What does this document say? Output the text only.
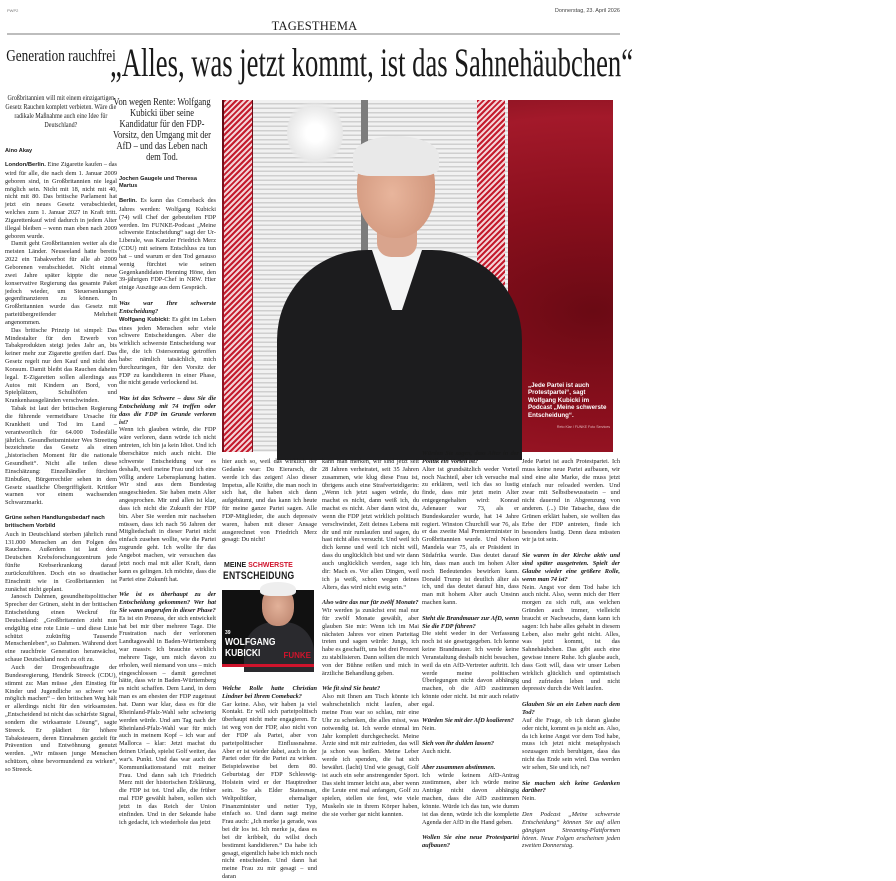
PWP2	Donnerstag, 23. April 2026
TAGESTHEMA
Generation rauchfrei
Großbritannien will mit einem einzigartigen Gesetz Rauchen komplett verbieten. Wäre die radikale Maßnahme auch eine Idee für Deutschland?
Aino Akay
„Alles, was jetzt kommt, ist das Sahnehäubchen“
Von wegen Rente: Wolfgang Kubicki über seine Kandidatur für den FDP-Vorsitz, den Umgang mit der AfD – und das Leben nach dem Tod.
Jochen Gaugele und Theresa Martus
„Jede Partei ist auch Protestpartei“, sagt Wolfgang Kubicki im Podcast „Meine schwerste Entscheidung“.
Reto Klar / FUNKE Foto Services
MEINE SCHWERSTE
ENTSCHEIDUNG
39
WOLFGANG
KUBICKI	FUNKE

London/Berlin. Eine Zigarette kaufen – das wird für alle, die nach dem 1. Januar 2009 geboren sind, in Großbritannien nie legal möglich sein. Nicht mit 18, nicht mit 40, nicht mit 80. Das britische Parlament hat jetzt ein neues Gesetz verabschiedet, welches zum 1. Januar 2027 in Kraft tritt. Zigarettenkauf wird dadurch in jedem Alter illegal bleiben – wenn man eben nach 2009 geboren wurde.

Damit geht Großbritannien weiter als die meisten Länder. Neuseeland hatte bereits 2022 ein Tabakverbot für alle ab 2009 Geborenen verabschiedet. Nicht einmal zwei Jahre später kippte die neue konservative Regierung das gesamte Paket jedoch wieder, um Steuersenkungen gegenfinanzieren zu können. In Großbritannien wurde das Gesetz mit parteiübergreifender Mehrheit angenommen.

Das britische Prinzip ist simpel: Das Mindestalter für den Erwerb von Tabakprodukten steigt jedes Jahr an, bis keiner mehr zur Zigarette greifen darf. Das Gesetz regelt nur den Kauf und nicht den Konsum. Damit bleibt das Rauchen daheim legal. E-Zigaretten sollen allerdings aus Autos mit Kindern an Bord, von Spielplätzen, Schulhöfen und Krankenhausgeländen verschwinden.

Tabak ist laut der britischen Regierung die führende vermeidbare Ursache für Krankheit und Tod im Land – verantwortlich für 64.000 Todesfälle jährlich. Gesundheitsminister Wes Streeting bezeichnete das Gesetz als einen „historischen Moment für die nationale Gesundheit“. Nicht alle teilen diese Einschätzung: Einzelhändler fürchten Einbußen, Bürgerrechtler sehen in dem Gesetz staatliche Übergriffigkeit. Kritiker warnen vor einem wachsenden Schwarzmarkt.

Grüne sehen Handlungsbedarf nach britischem Vorbild

Auch in Deutschland sterben jährlich rund 131.000 Menschen an den Folgen des Rauchens. Außerdem ist laut dem Deutschen Krebsforschungszentrum jede fünfte Krebserkrankung darauf zurückzuführen. Doch ein so drastischer Einschnitt wie in Großbritannien ist zunächst nicht geplant.

Janosch Dahmen, gesundheitspolitischer Sprecher der Grünen, sieht in der britischen Entscheidung einen Weckruf für Deutschland: „Großbritannien zieht nun endgültig eine rote Linie – und diese Linie schützt zukünftig Tausende Menschenleben“, so Dahmen. Während dort eine rauchfreie Generation heranwächst, schaue Deutschland noch zu oft zu.

Auch der Drogenbeauftragte der Bundesregierung, Hendrik Streeck (CDU), stimmt zu: Man müsse „den Einstieg für Kinder und Jugendliche so schwer wie möglich machen“ – den britischen Weg hält er allerdings nicht für den wirksamsten. „Entscheidend ist nicht das schärfste Signal, sondern die wirksamste Lösung“, sagte Streeck. Er plädiert für höhere Tabaksteuern, deren Einnahmen gezielt für Prävention und Entwöhnung genutzt werden. „Wir müssen junge Menschen schützen, ohne bevormundend zu wirken“, so Streeck.

Berlin. Es kann das Comeback des Jahres werden: Wolfgang Kubicki (74) will Chef der gebeutelten FDP werden. Im FUNKE-Podcast „Meine schwerste Entscheidung“ sagt der Ur-Liberale, was Kanzler Friedrich Merz (CDU) mit seinem Entschluss zu tun hat – und warum er den Tod genauso wenig fürchtet wie seinen Gegenkandidaten Henning Höne, den 39-jährigen FDP-Chef in NRW. Hier einige Auszüge aus dem Gespräch.

Was war Ihre schwerste Entscheidung?

Wolfgang Kubicki: Es gibt im Leben eines jeden Menschen sehr viele schwere Entscheidungen. Aber die wirklich schwerste Entscheidung war die, die ich Ostersonntag getroffen habe: nämlich tatsächlich, mich durchzuringen, für den Vorsitz der FDP zu kandidieren in einer Phase, die nicht gerade verlockend ist.

Was ist das Schwere – dass Sie die Entscheidung mit 74 treffen oder dass die FDP im Grunde verloren ist?

Wenn ich glauben würde, die FDP wäre verloren, dann würde ich nicht antreten, ich bin ja kein Idiot. Und ich überschätze mich auch nicht. Die schwerste Entscheidung war es deshalb, weil meine Frau und ich eine völlig andere Lebensplanung hatten. Wir sind aus dem Bundestag ausgeschieden. Sie haben mein Alter angesprochen. Mir und allen ist klar, dass ich nicht die Zukunft der FDP bin. Aber Sie werden mir nachsehen müssen, dass ich nach 56 Jahren der Mitgliedschaft in dieser Partei nicht einfach zusehen wollte, wie die Partei zugrunde geht. Ich wollte ihr das Angebot machen, wir versuchen das jetzt noch mal mit aller Kraft, dann kann es gelingen. Ich möchte, dass die Partei eine Zukunft hat.

Wie ist es überhaupt zu der Entscheidung gekommen? Wer hat Sie wann angerufen in dieser Phase?

Es ist ein Prozess, der sich entwickelt hat bei mir über mehrere Tage. Die Frustration nach der verlorenen Landtagswahl in Baden-Württemberg war massiv. Ich brauchte wirklich mehrere Tage, um mich davon zu erholen, weil niemand von uns – mich eingeschlossen – damit gerechnet hätte, dass wir in Baden-Württemberg es nicht schaffen. Dem Land, in dem man es am ehesten der FDP zugetraut hat. Dann war klar, dass es für die Rheinland-Pfalz-Wahl sehr schwierig werden würde. Und am Tag nach der Rheinland-Pfalz-Wahl war für mich auch in meinem Kopf – ich war auf Mallorca – klar: Jetzt machst du deinen Urlaub, spielst Golf weiter, das war's. Punkt. Und das war auch der Kommunikationsstand mit meiner Frau. Und dann sah ich Friedrich Merz mit der historischen Erklärung, die FDP ist tot. Und alle, die früher mal FDP gewählt haben, sollen sich jetzt in das Reich der Union einfinden. Und in der Sekunde habe ich gedacht, ich wiederhole das jetzt

hier auch so, weil das wirklich der Gedanke war: Du Eierarsch, dir werde ich das zeigen! Also dieser Impetus, alle Kräfte, die man noch in sich hat, die haben sich dann aufgebäumt, und das kann ich heute für meine ganze Partei sagen. Alle FDP-Mitglieder, die auch depressiv waren, haben mit dieser Ansage ausgerechnet von Friedrich Merz gesagt: Du nicht!

Welche Rolle hatte Christian Lindner bei Ihrem Comeback?

Gar keine. Also, wir haben ja viel Kontakt. Er will sich parteipolitisch überhaupt nicht mehr engagieren. Er ist weg von der FDP, also nicht von der FDP als Partei, aber von parteipolitischer Einflussnahme. Aber er ist wieder dabei, auch in der Partei oder für die Partei zu wirken. Beispielsweise bei dem 80. Geburtstag der FDP Schleswig-Holstein wird er der Hauptredner sein. So als Elder Statesman, Weltpolitiker, ehemaliger Finanzminister und netter Typ, einfach so. Und dann sagt meine Frau auch: „Ich merke ja gerade, was bei dir los ist. Ich merke ja, dass es bei dir kribbelt, du willst doch bestimmt kandidieren.“ Da habe ich gesagt, eigentlich habe ich mich noch nicht entschieden. Und dann hat meine Frau zu mir gesagt – und daran

kann man merken, wir sind jetzt seit 28 Jahren verheiratet, seit 35 Jahren zusammen, wie klug diese Frau ist, übrigens auch eine Strafverteidigerin: „Wenn ich jetzt sagen würde, du machst es nicht, dann weiß ich, du machst es nicht. Aber dann wirst du, wenn die FDP jetzt wirklich politisch verschwindet, Zeit deines Lebens mit dir und mir rumlaufen und sagen, du hast nicht alles versucht. Und weil ich dich kenne und weil ich nicht will, dass du unglücklich bist und wir dann auch unglücklich werden, sage ich dir: Mach es. Vor allen Dingen, weil ich ja weiß, schon wegen deines Alters, das wird nicht ewig sein.“

Also wäre das nur für zwölf Monate?

Wir werden ja zunächst erst mal nur für zwölf Monate gewählt, aber glauben Sie mir: Wenn ich im Mai nächsten Jahres vor einen Parteitag treten und sagen würde: Jungs, ich habe es geschafft, uns bei drei Prozent zu stabilisieren. Dann sollten die mich von der Bühne reißen und mich in ärztliche Behandlung geben.

Wie fit sind Sie heute?

Also mit Ihnen am Tisch könnte ich wahrscheinlich nicht laufen, aber meine Frau war so schlau, mir eine Uhr zu schenken, die alles misst, was notwendig ist. Ich werde einmal im Jahr komplett durchgecheckt. Meine Ärzte sind mit mir zufrieden, das will ja schon was heißen. Meine Leber werde ich spenden, die hat sich bewährt. (lacht) Und wie gesagt, Golf ist auch ein sehr anstrengender Sport. Das sieht immer leicht aus, aber wenn die Leute erst mal anfangen, Golf zu spielen, stellen sie fest, wie viele Muskeln sie in ihrem Körper haben, die sie vorher gar nicht kannten.

Würden Sie sagen, dass Alter in der Politik ein Vorteil ist?

Alter ist grundsätzlich weder Vorteil noch Nachteil, aber ich versuche mal zu erklären, weil ich das so lustig finde, dass mir jetzt mein Alter entgegengehalten wird: Konrad Adenauer war 73, als er Bundeskanzler wurde, hat 14 Jahre regiert. Winston Churchill war 76, als er das zweite Mal Premierminister in Großbritannien wurde. Und Nelson Mandela war 75, als er Präsident in Südafrika wurde. Das deutet darauf hin, dass man auch im hohen Alter noch Bedeutendes bewirken kann. Donald Trump ist deutlich älter als ich, und das deutet darauf hin, dass man mit hohem Alter auch Unsinn machen kann.

Steht die Brandmauer zur AfD, wenn Sie die FDP führen?

Die steht weder in der Verfassung noch ist sie gesetzgegeben. Ich kenne keine Brandmauer. Ich werde keine Veranstaltung deshalb nicht besuchen, weil da ein AfD-Vertreter auftritt. Ich werde meine politischen Überlegungen nicht davon abhängig machen, ob die AfD zustimmen könnte oder nicht. Ist mir auch relativ egal.

Würden Sie mit der AfD koalieren?

Nein.

Sich von ihr dulden lassen?

Auch nicht.

Aber zusammen abstimmen.

Ich würde keinem AfD-Antrag zustimmen, aber ich würde meine Anträge nicht davon abhängig machen, dass die AfD zustimmen könnte. Würde ich das tun, wie dumm ist das denn, würde ich die komplette Agenda der AfD in die Hand geben.

Wollen Sie eine neue Protestpartei aufbauen?

Jede Partei ist auch Protestpartei. Ich muss keine neue Partei aufbauen, wir sind eine alte Marke, die muss jetzt einfach nur reloaded werden. Und zwar mit Selbstbewusstsein – und nicht dauernd in Abgrenzung von anderen. (...) Die Tatsache, dass die Grünen erklärt haben, sie wollten das Erbe der FDP antreten, finde ich besonders lustig. Denn dazu müssten wir ja tot sein.

Sie waren in der Kirche aktiv und sind später ausgetreten. Spielt der Glaube wieder eine größere Rolle, wenn man 74 ist?

Nein. Angst vor dem Tod habe ich auch nicht. Also, wenn mich der Herr morgen zu sich ruft, aus welchen Gründen auch immer, vielleicht braucht er Nachwuchs, dann kann ich sagen: Ich habe alles gehabt in diesem Leben, also mehr geht nicht. Alles, was jetzt kommt, ist das Sahnehäubchen. Das gibt auch eine gewisse innere Ruhe. Ich glaube auch, dass Gott will, dass wir unser Leben wirklich glücklich und optimistisch und zufrieden leben und nicht depressiv durch die Welt laufen.

Glauben Sie an ein Leben nach dem Tod?

Auf die Frage, ob ich daran glaube oder nicht, kommt es ja nicht an. Also, da ich keine Angst vor dem Tod habe, muss ich jetzt nicht metaphysisch sozusagen mich beruhigen, dass das nicht das Ende sein wird. Das werden wir sehen, Sie und ich, ne?

Sie machen sich keine Gedanken darüber?

Nein.

Den Podcast „Meine schwerste Entscheidung“ können Sie auf allen gängigen Streaming-Plattformen hören. Neue Folgen erscheinen jeden zweiten Donnerstag.
